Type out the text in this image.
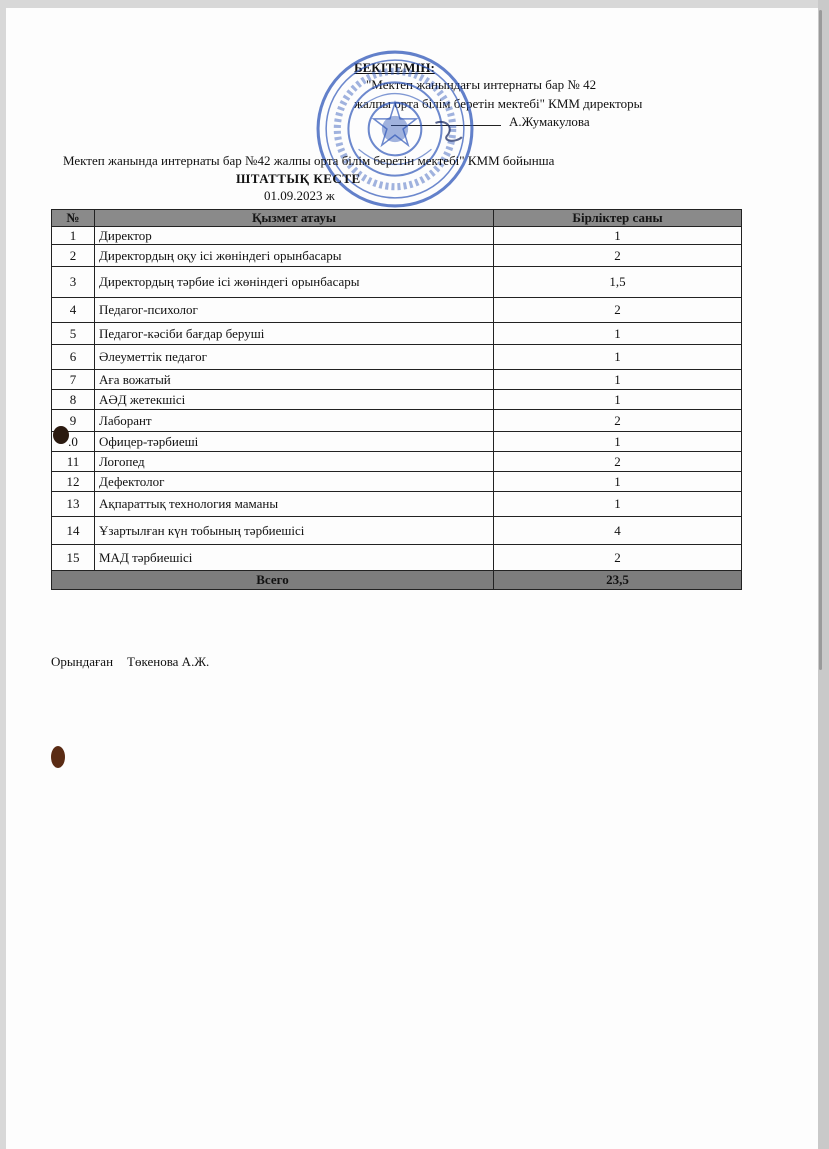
БЕКІТЕМІН:
"Мектеп жанындағы интернаты бар № 42
жалпы орта білім беретін мектебі" КММ директоры
А.Жумакулова
Мектеп жанында интернаты бар №42 жалпы орта білім беретін мектебі" КММ бойынша
ШТАТТЫҚ КЕСТЕ
01.09.2023 ж
№	Қызмет атауы	Бірліктер саны
1	Директор	1
2	Директордың оқу ісі жөніндегі орынбасары	2
3	Директордың тәрбие ісі жөніндегі орынбасары	1,5
4	Педагог-психолог	2
5	Педагог-кәсіби бағдар беруші	1
6	Әлеуметтік педагог	1
7	Аға вожатый	1
8	АӘД жетекшісі	1
9	Лаборант	2
.0	Офицер-тәрбиеші	1
11	Логопед	2
12	Дефектолог	1
13	Ақпараттық технология маманы	1
14	Ұзартылған күн тобының тәрбиешісі	4
15	МАД тәрбиешісі	2
Всего		23,5
Орындаған Төкенова А.Ж.
